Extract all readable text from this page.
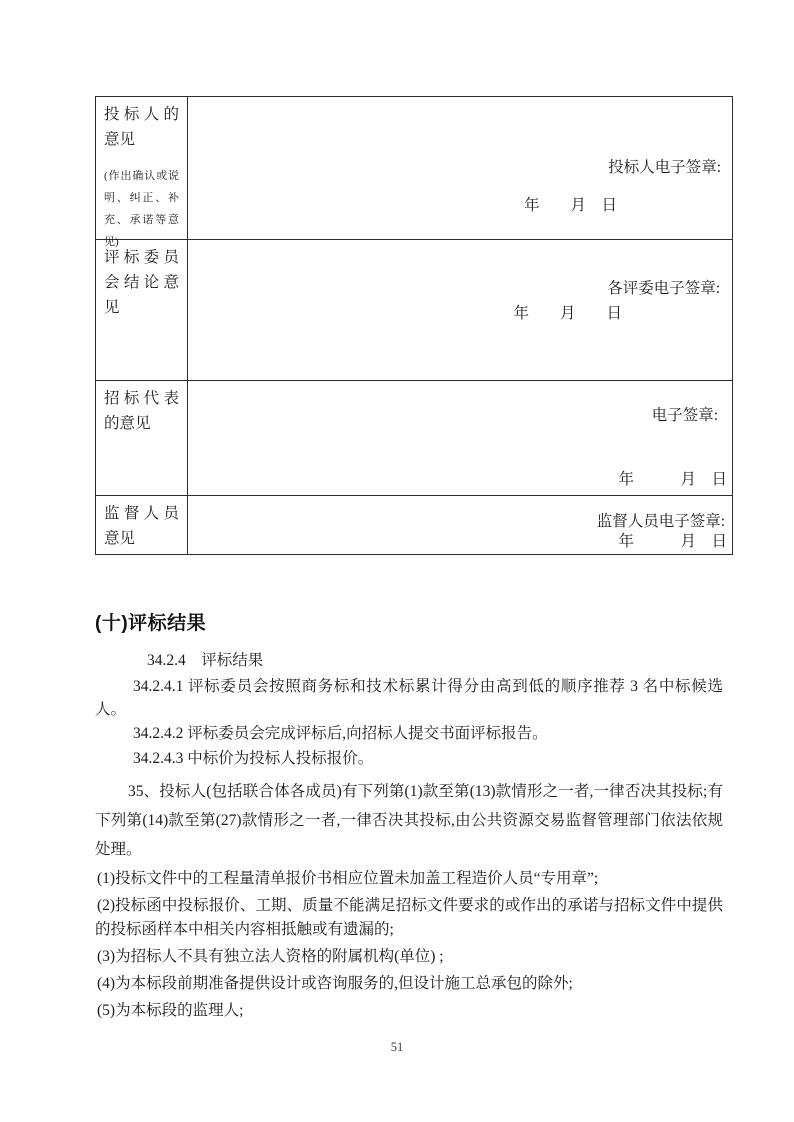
投标人的意见
(作出确认或说明、纠正、补充、承诺等意见)
投标人电子签章:
年　　月　日
评标委员会结论意见
各评委电子签章:
年　　月　　日
招标代表的意见	电子签章:
年　　　月　日
监督人员意见
监督人员电子签章:
年　　　月　日
(十)评标结果

34.2.4　评标结果

34.2.4.1 评标委员会按照商务标和技术标累计得分由高到低的顺序推荐 3 名中标候选人。

34.2.4.2 评标委员会完成评标后,向招标人提交书面评标报告。

34.2.4.3 中标价为投标人投标报价。

35、投标人(包括联合体各成员)有下列第(1)款至第(13)款情形之一者,一律否决其投标;有下列第(14)款至第(27)款情形之一者,一律否决其投标,由公共资源交易监督管理部门依法依规处理。

(1)投标文件中的工程量清单报价书相应位置未加盖工程造价人员“专用章”;

(2)投标函中投标报价、工期、质量不能满足招标文件要求的或作出的承诺与招标文件中提供的投标函样本中相关内容相抵触或有遗漏的;

(3)为招标人不具有独立法人资格的附属机构(单位) ;

(4)为本标段前期准备提供设计或咨询服务的,但设计施工总承包的除外;

(5)为本标段的监理人;

51
